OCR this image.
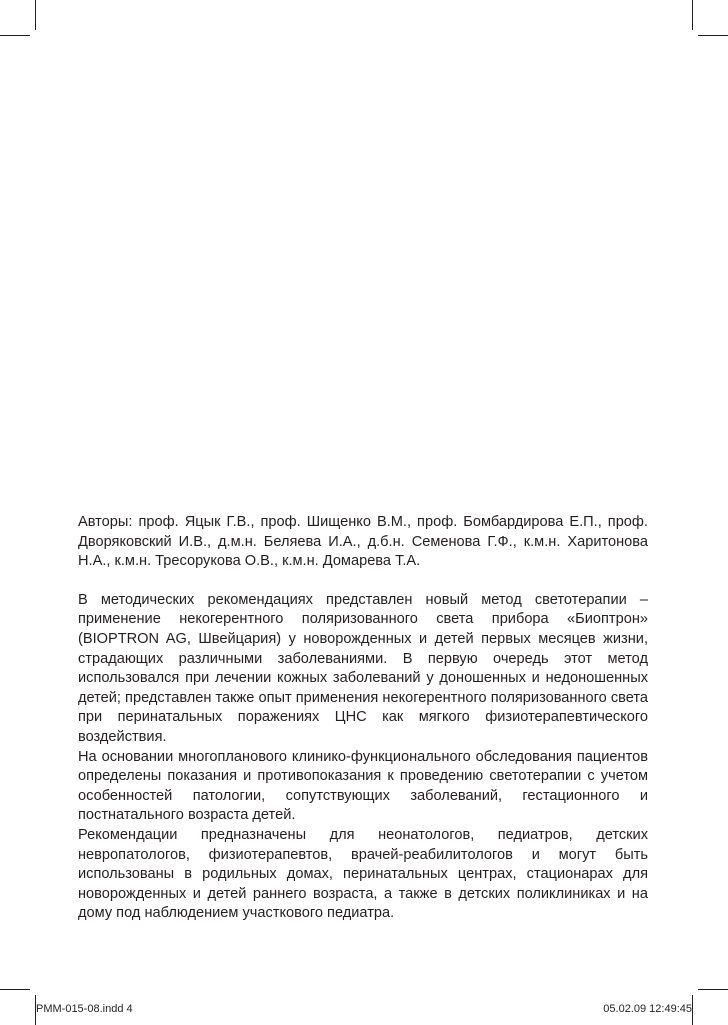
Авторы: проф. Яцык Г.В., проф. Шищенко В.М., проф. Бомбардирова Е.П., проф. Дворяковский И.В., д.м.н. Беляева И.А., д.б.н. Семенова Г.Ф., к.м.н. Харитонова Н.А., к.м.н. Тресорукова О.В., к.м.н. Домарева Т.А.

В методических рекомендациях представлен новый метод светотерапии – применение некогерентного поляризованного света прибора «Биоптрон» (BIOPTRON AG, Швейцария) у новорожденных и детей первых месяцев жизни, страдающих различными заболеваниями. В первую очередь этот метод использовался при лечении кожных заболеваний у доношенных и недоношенных детей; представлен также опыт применения некогерентного поляризованного света при перинатальных поражениях ЦНС как мягкого физиотерапевтического воздействия.

На основании многопланового клинико-функционального обследования пациентов определены показания и противопоказания к проведению светотерапии с учетом особенностей патологии, сопутствующих заболеваний, гестационного и постнатального возраста детей.

Рекомендации предназначены для неонатологов, педиатров, детских невропатологов, физиотерапевтов, врачей-реабилитологов и могут быть использованы в родильных домах, перинатальных центрах, стационарах для новорожденных и детей раннего возраста, а также в детских поликлиниках и на дому под наблюдением участкового педиатра.

PMM-015-08.indd 4	05.02.09 12:49:45
